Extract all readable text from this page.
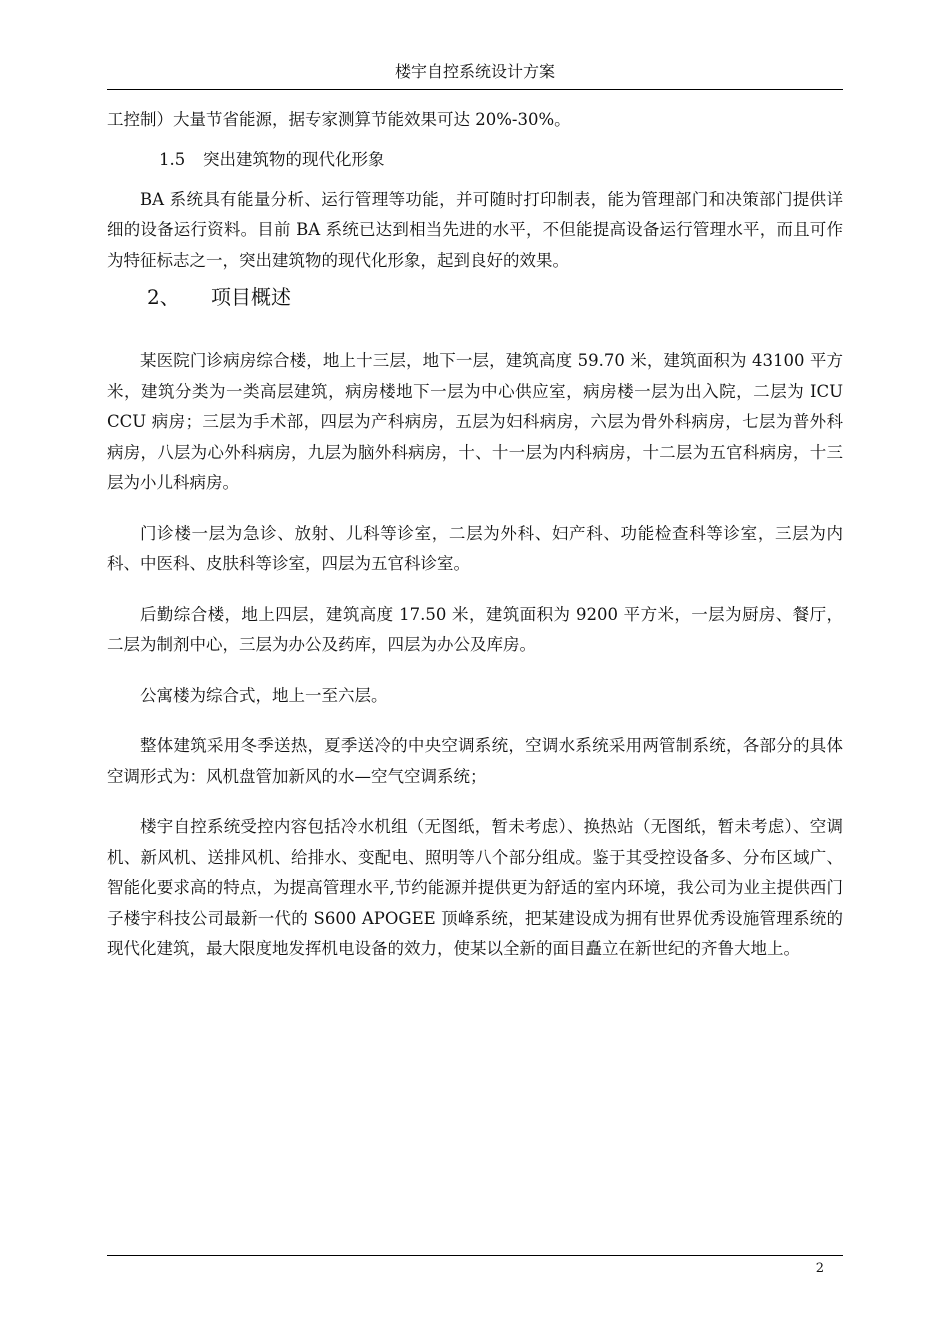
楼宇自控系统设计方案

工控制）大量节省能源，据专家测算节能效果可达 20%-30%。

1.5 突出建筑物的现代化形象

BA 系统具有能量分析、运行管理等功能，并可随时打印制表，能为管理部门和决策部门提供详细的设备运行资料。目前 BA 系统已达到相当先进的水平，不但能提高设备运行管理水平，而且可作为特征标志之一，突出建筑物的现代化形象，起到良好的效果。

2、 项目概述

某医院门诊病房综合楼，地上十三层，地下一层，建筑高度 59.70 米，建筑面积为 43100 平方米，建筑分类为一类高层建筑，病房楼地下一层为中心供应室，病房楼一层为出入院，二层为 ICU CCU 病房；三层为手术部，四层为产科病房，五层为妇科病房，六层为骨外科病房，七层为普外科病房，八层为心外科病房，九层为脑外科病房，十、十一层为内科病房，十二层为五官科病房，十三层为小儿科病房。

门诊楼一层为急诊、放射、儿科等诊室，二层为外科、妇产科、功能检查科等诊室，三层为内科、中医科、皮肤科等诊室，四层为五官科诊室。

后勤综合楼，地上四层，建筑高度 17.50 米，建筑面积为 9200 平方米，一层为厨房、餐厅，二层为制剂中心，三层为办公及药库，四层为办公及库房。

公寓楼为综合式，地上一至六层。

整体建筑采用冬季送热，夏季送冷的中央空调系统，空调水系统采用两管制系统，各部分的具体空调形式为：风机盘管加新风的水—空气空调系统；

楼宇自控系统受控内容包括冷水机组（无图纸，暂未考虑）、换热站（无图纸，暂未考虑）、空调机、新风机、送排风机、给排水、变配电、照明等八个部分组成。鉴于其受控设备多、分布区域广、智能化要求高的特点，为提高管理水平,节约能源并提供更为舒适的室内环境，我公司为业主提供西门子楼宇科技公司最新一代的 S600 APOGEE 顶峰系统，把某建设成为拥有世界优秀设施管理系统的现代化建筑，最大限度地发挥机电设备的效力，使某以全新的面目矗立在新世纪的齐鲁大地上。

2
